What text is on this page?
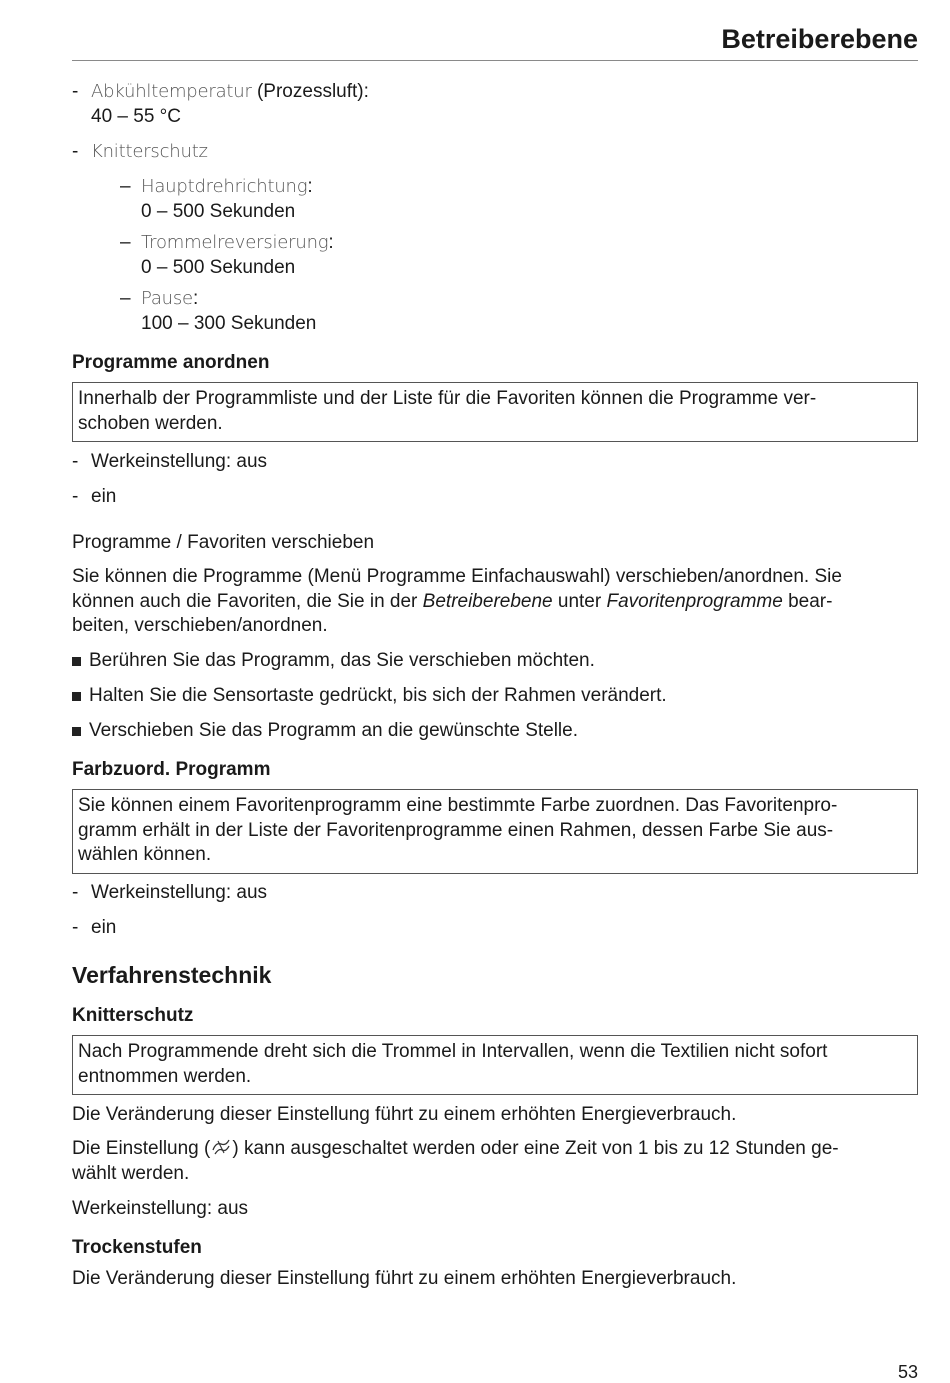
Betreiberebene
- Abkühltemperatur (Prozessluft):
40 – 55 °C
- Knitterschutz
– Hauptdrehrichtung:
0 – 500 Sekunden
– Trommelreversierung:
0 – 500 Sekunden
– Pause:
100 – 300 Sekunden
Programme anordnen
Innerhalb der Programmliste und der Liste für die Favoriten können die Programme ver-
schoben werden.
- Werkeinstellung: aus
- ein
Programme / Favoriten verschieben
Sie können die Programme (Menü Programme Einfachauswahl) verschieben/anordnen. Sie
können auch die Favoriten, die Sie in der Betreiberebene unter Favoritenprogramme bear-
beiten, verschieben/anordnen.
Berühren Sie das Programm, das Sie verschieben möchten.
Halten Sie die Sensortaste gedrückt, bis sich der Rahmen verändert.
Verschieben Sie das Programm an die gewünschte Stelle.
Farbzuord. Programm
Sie können einem Favoritenprogramm eine bestimmte Farbe zuordnen. Das Favoritenpro-
gramm erhält in der Liste der Favoritenprogramme einen Rahmen, dessen Farbe Sie aus-
wählen können.
- Werkeinstellung: aus
- ein
Verfahrenstechnik
Knitterschutz
Nach Programmende dreht sich die Trommel in Intervallen, wenn die Textilien nicht sofort
entnommen werden.
Die Veränderung dieser Einstellung führt zu einem erhöhten Energieverbrauch.
Die Einstellung ( ) kann ausgeschaltet werden oder eine Zeit von 1 bis zu 12 Stunden ge-
wählt werden.
Werkeinstellung: aus
Trockenstufen
Die Veränderung dieser Einstellung führt zu einem erhöhten Energieverbrauch.
53
